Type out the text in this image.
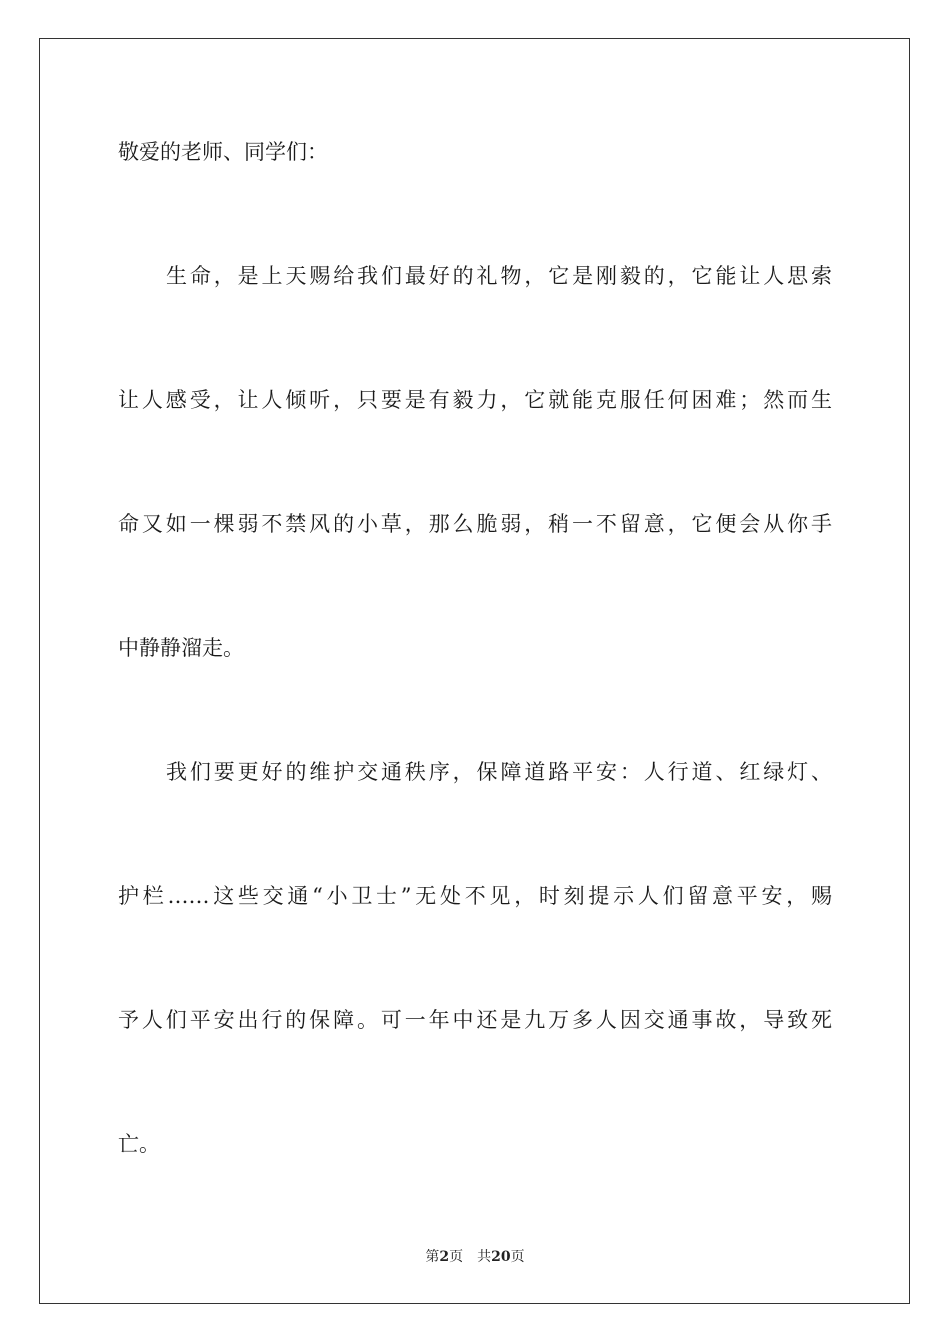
敬爱的老师、同学们：
生命，是上天赐给我们最好的礼物，它是刚毅的，它能让人思索
让人感受，让人倾听，只要是有毅力，它就能克服任何困难；然而生
命又如一棵弱不禁风的小草，那么脆弱，稍一不留意，它便会从你手
中静静溜走。
我们要更好的维护交通秩序，保障道路平安：人行道、红绿灯、
护栏……这些交通“小卫士”无处不见，时刻提示人们留意平安，赐
予人们平安出行的保障。可一年中还是九万多人因交通事故，导致死
亡。
第2页 共20页
